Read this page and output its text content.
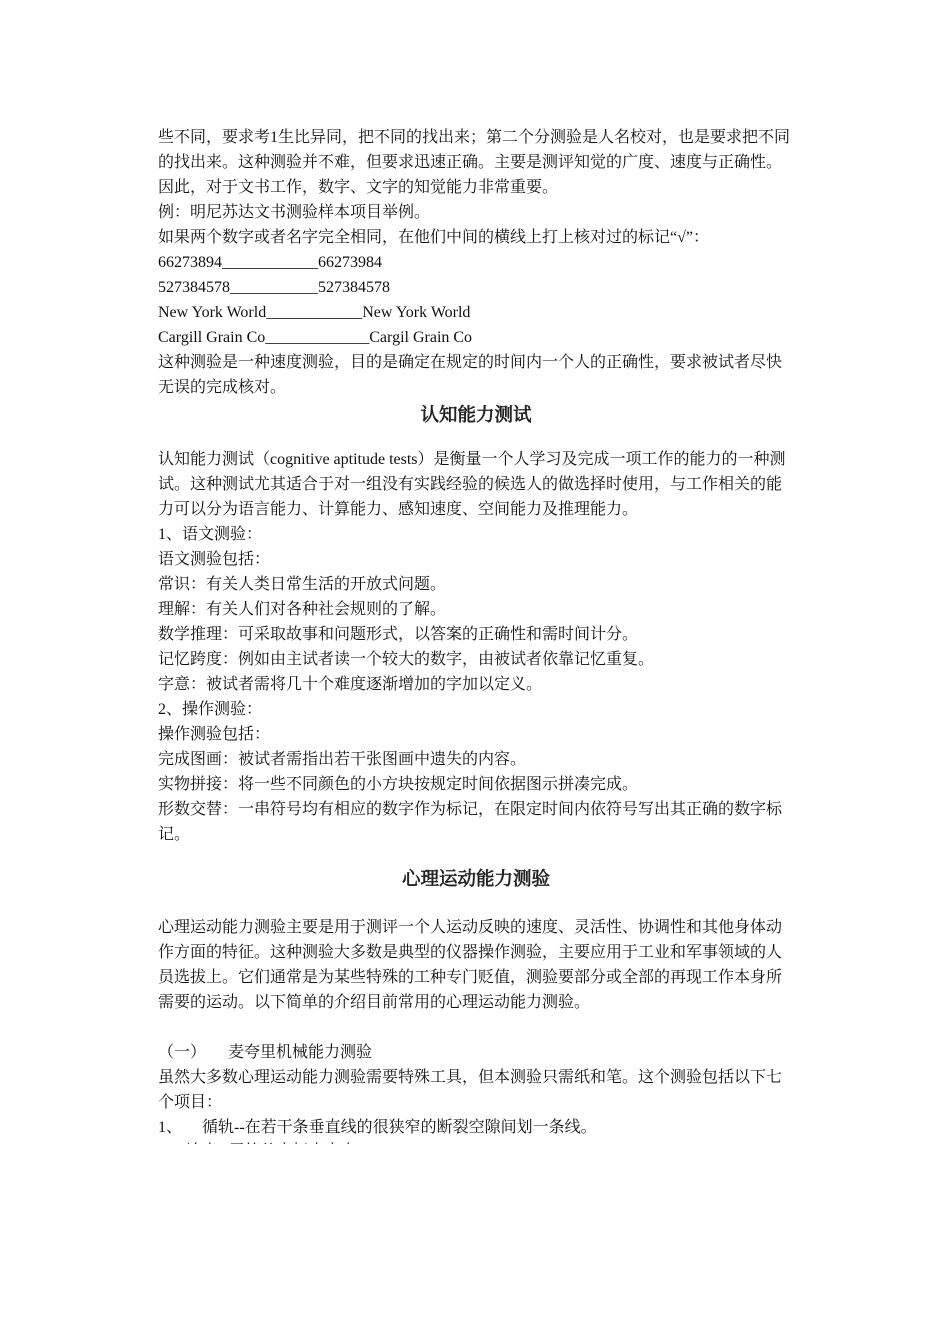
些不同，要求考1生比异同，把不同的找出来；第二个分测验是人名校对，也是要求把不同的找出来。这种测验并不难，但要求迅速正确。主要是测评知觉的广度、速度与正确性。因此，对于文书工作，数字、文字的知觉能力非常重要。

例：明尼苏达文书测验样本项目举例。

如果两个数字或者名字完全相同，在他们中间的横线上打上核对过的标记“√”：

66273894____________66273984

527384578___________527384578

New York World____________New York World

Cargill Grain Co_____________Cargil Grain Co

这种测验是一种速度测验，目的是确定在规定的时间内一个人的正确性，要求被试者尽快无误的完成核对。

认知能力测试

认知能力测试（cognitive aptitude tests）是衡量一个人学习及完成一项工作的能力的一种测试。这种测试尤其适合于对一组没有实践经验的候选人的做选择时使用，与工作相关的能力可以分为语言能力、计算能力、感知速度、空间能力及推理能力。

1、语文测验：

语文测验包括：

常识：有关人类日常生活的开放式问题。

理解：有关人们对各种社会规则的了解。

数学推理：可采取故事和问题形式，以答案的正确性和需时间计分。

记忆跨度：例如由主试者读一个较大的数字，由被试者依靠记忆重复。

字意：被试者需将几十个难度逐渐增加的字加以定义。

2、操作测验：

操作测验包括：

完成图画：被试者需指出若干张图画中遗失的内容。

实物拼接：将一些不同颜色的小方块按规定时间依据图示拼凑完成。

形数交替：一串符号均有相应的数字作为标记，在限定时间内依符号写出其正确的数字标记。

心理运动能力测验

心理运动能力测验主要是用于测评一个人运动反映的速度、灵活性、协调性和其他身体动作方面的特征。这种测验大多数是典型的仪器操作测验，主要应用于工业和军事领域的人员选拔上。它们通常是为某些特殊的工种专门贬值，测验要部分或全部的再现工作本身所需要的运动。以下简单的介绍目前常用的心理运动能力测验。

（一） 麦夸里机械能力测验

虽然大多数心理运动能力测验需要特殊工具，但本测验只需纸和笔。这个测验包括以下七个项目：

1、	循轨--在若干条垂直线的很狭窄的断裂空隙间划一条线。
